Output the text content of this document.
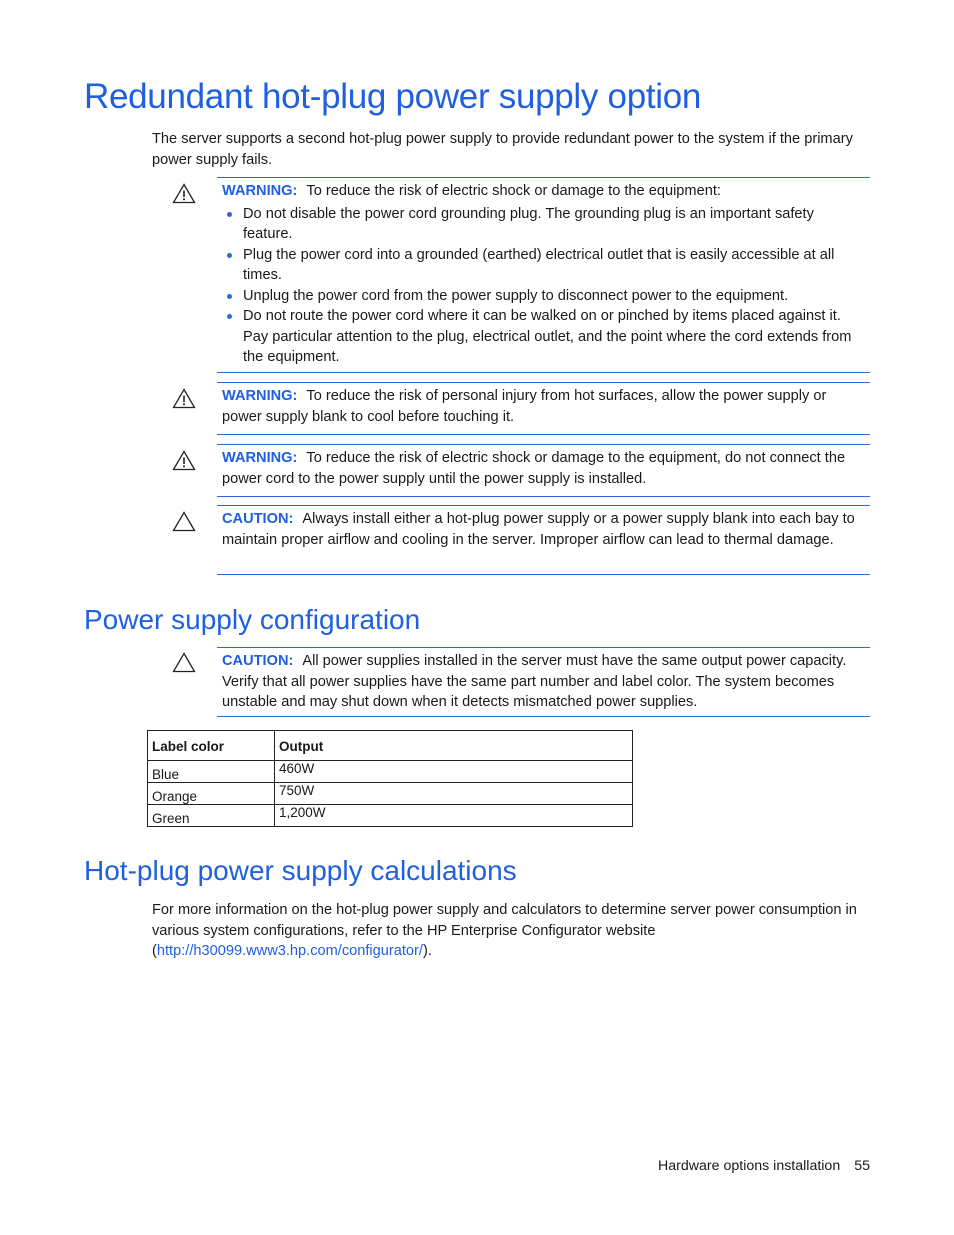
Redundant hot-plug power supply option

The server supports a second hot-plug power supply to provide redundant power to the system if the primary power supply fails.

WARNING: To reduce the risk of electric shock or damage to the equipment:

Do not disable the power cord grounding plug. The grounding plug is an important safety feature.
Plug the power cord into a grounded (earthed) electrical outlet that is easily accessible at all times.
Unplug the power cord from the power supply to disconnect power to the equipment.
Do not route the power cord where it can be walked on or pinched by items placed against it. Pay particular attention to the plug, electrical outlet, and the point where the cord extends from the equipment.

WARNING: To reduce the risk of personal injury from hot surfaces, allow the power supply or power supply blank to cool before touching it.

WARNING: To reduce the risk of electric shock or damage to the equipment, do not connect the power cord to the power supply until the power supply is installed.

CAUTION: Always install either a hot-plug power supply or a power supply blank into each bay to maintain proper airflow and cooling in the server. Improper airflow can lead to thermal damage.

Power supply configuration

CAUTION: All power supplies installed in the server must have the same output power capacity. Verify that all power supplies have the same part number and label color. The system becomes unstable and may shut down when it detects mismatched power supplies.

Label color	Output
Blue	460W
Orange	750W
Green	1,200W
Hot-plug power supply calculations

For more information on the hot-plug power supply and calculators to determine server power consumption in various system configurations, refer to the HP Enterprise Configurator website (http://h30099.www3.hp.com/configurator/).

Hardware options installation 55
